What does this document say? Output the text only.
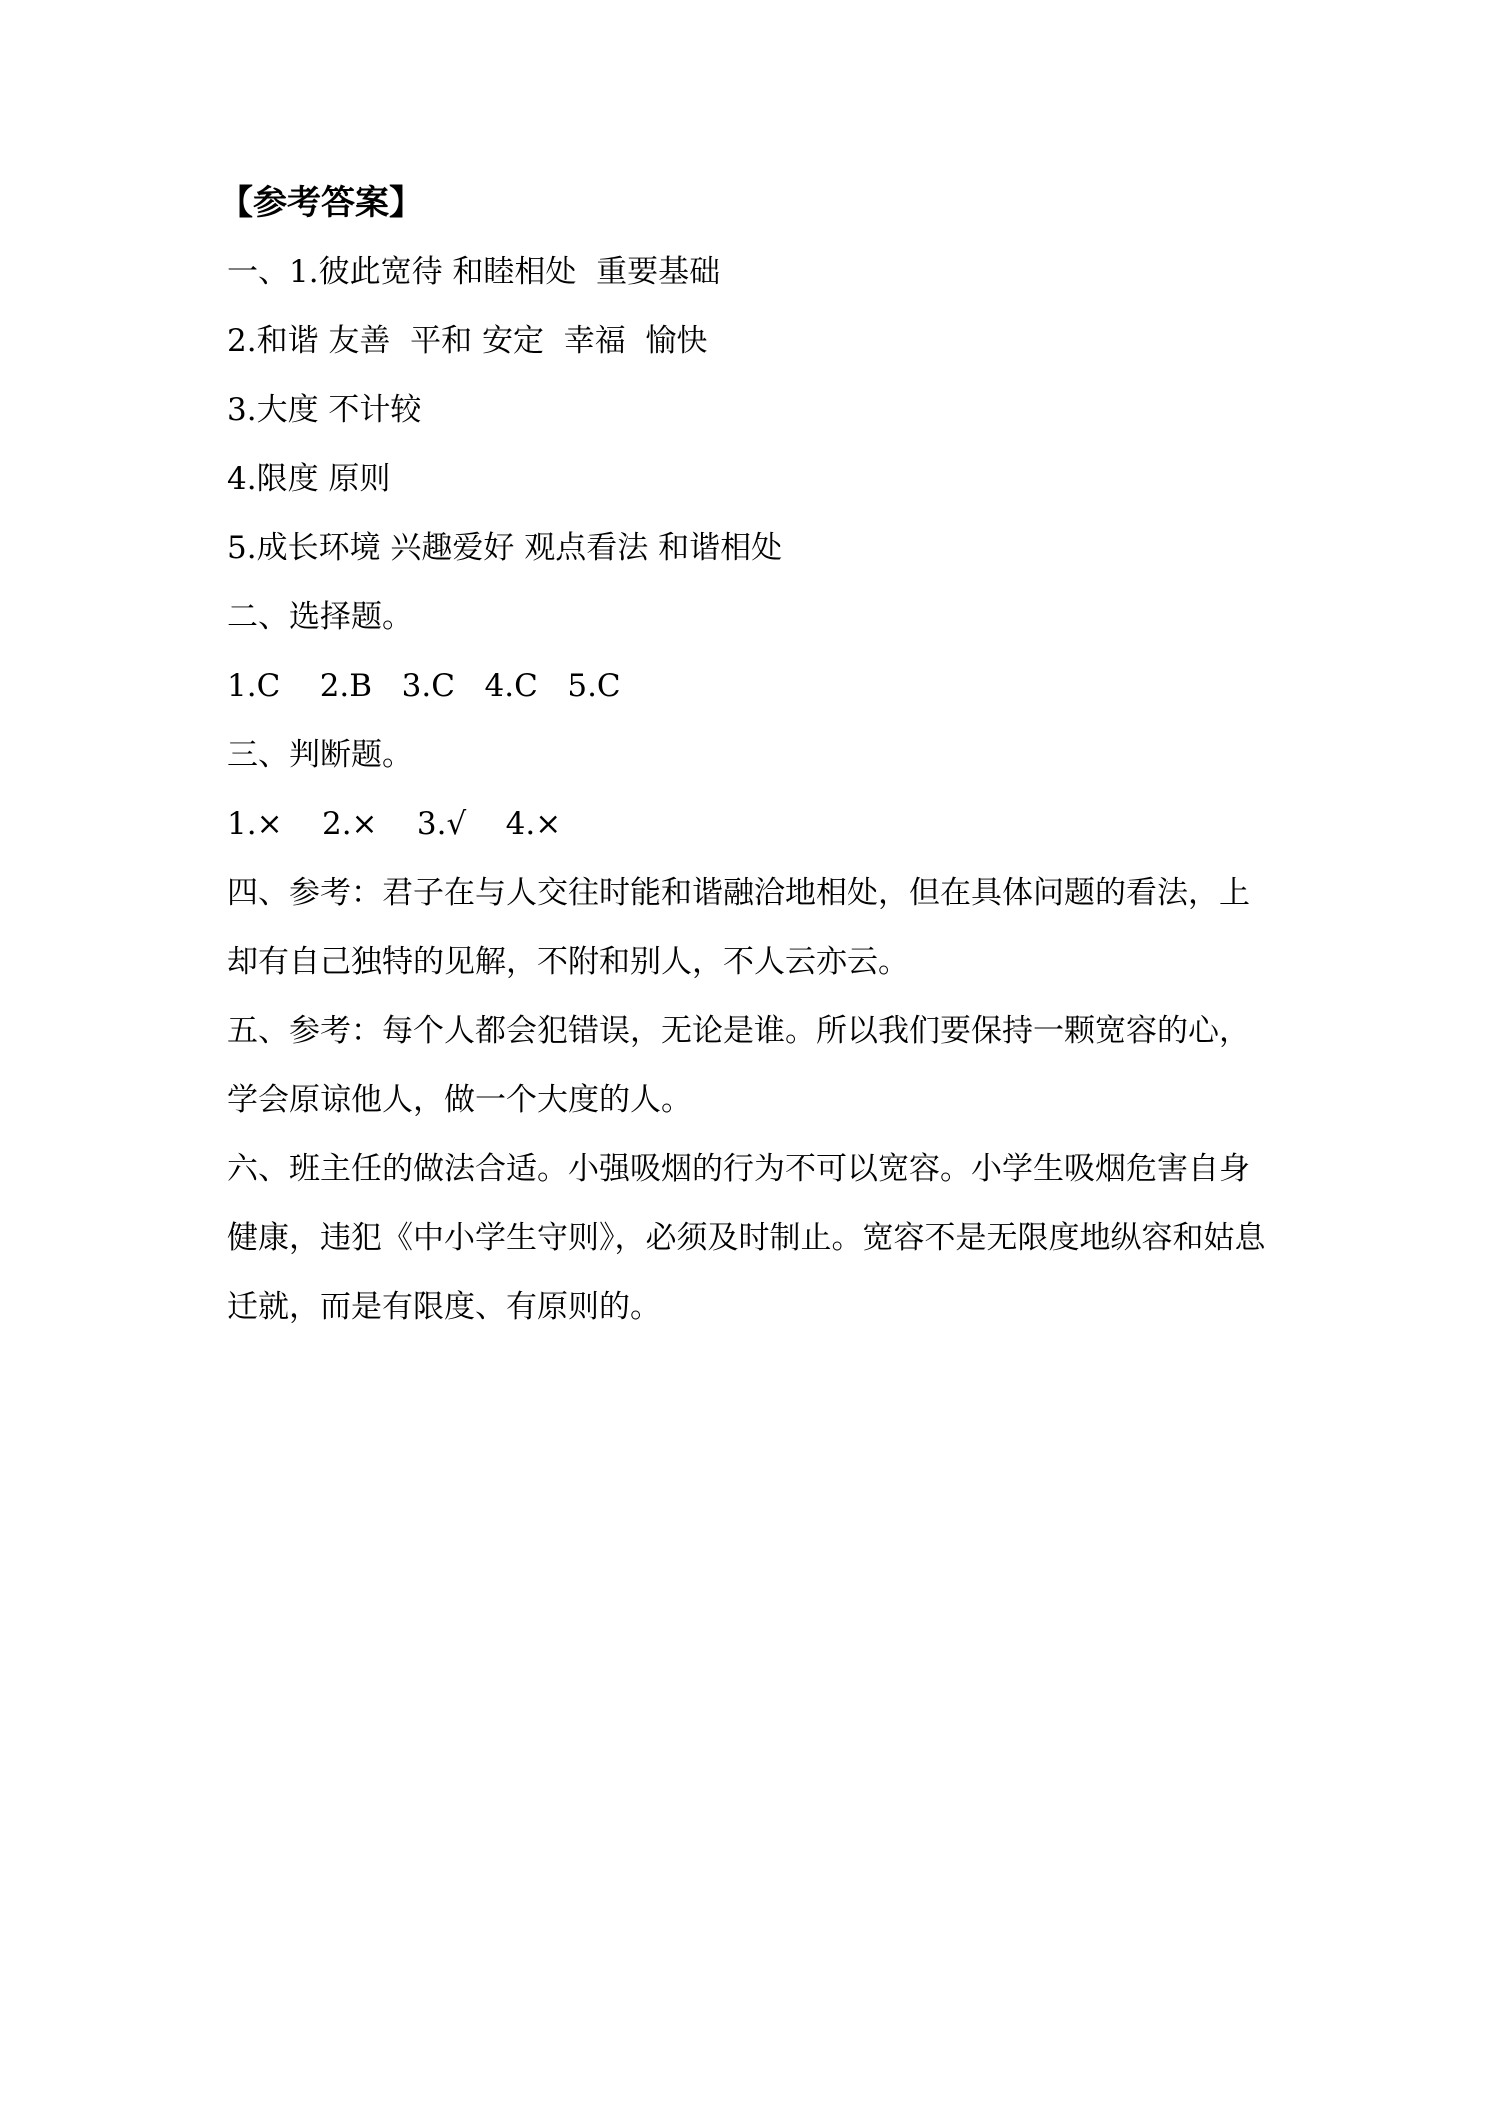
【参考答案】

一、1.彼此宽待 和睦相处  重要基础

2.和谐 友善  平和 安定  幸福  愉快

3.大度 不计较

4.限度 原则

5.成长环境 兴趣爱好 观点看法 和谐相处

二、选择题。

1.C    2.B   3.C   4.C   5.C

三、判断题。

1.×    2.×    3.√    4.×

四、参考：君子在与人交往时能和谐融洽地相处，但在具体问题的看法，上却有自己独特的见解，不附和别人，不人云亦云。

五、参考：每个人都会犯错误，无论是谁。所以我们要保持一颗宽容的心，学会原谅他人，做一个大度的人。

六、班主任的做法合适。小强吸烟的行为不可以宽容。小学生吸烟危害自身健康，违犯《中小学生守则》，必须及时制止。宽容不是无限度地纵容和姑息迁就，而是有限度、有原则的。
